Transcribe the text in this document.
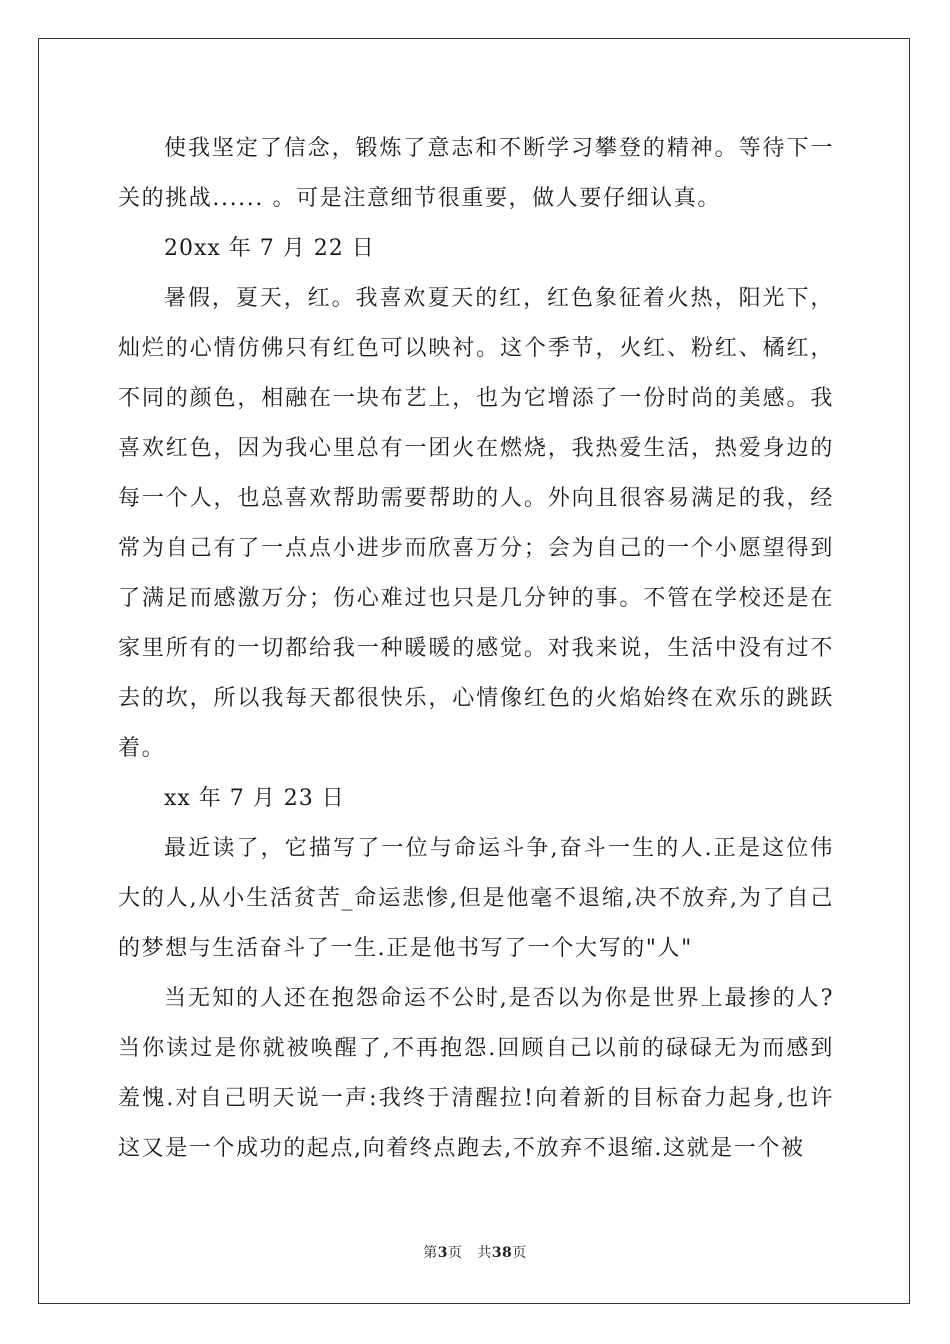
使我坚定了信念，锻炼了意志和不断学习攀登的精神。等待下一关的挑战...... 。可是注意细节很重要，做人要仔细认真。

20xx 年 7 月 22 日

暑假，夏天，红。我喜欢夏天的红，红色象征着火热，阳光下，灿烂的心情仿佛只有红色可以映衬。这个季节，火红、粉红、橘红，不同的颜色，相融在一块布艺上，也为它增添了一份时尚的美感。我喜欢红色，因为我心里总有一团火在燃烧，我热爱生活，热爱身边的每一个人，也总喜欢帮助需要帮助的人。外向且很容易满足的我，经常为自己有了一点点小进步而欣喜万分；会为自己的一个小愿望得到了满足而感激万分；伤心难过也只是几分钟的事。不管在学校还是在家里所有的一切都给我一种暖暖的感觉。对我来说，生活中没有过不去的坎，所以我每天都很快乐，心情像红色的火焰始终在欢乐的跳跃着。

xx 年 7 月 23 日

最近读了，它描写了一位与命运斗争,奋斗一生的人.正是这位伟大的人,从小生活贫苦_命运悲惨,但是他毫不退缩,决不放弃,为了自己的梦想与生活奋斗了一生.正是他书写了一个大写的"人"

当无知的人还在抱怨命运不公时,是否以为你是世界上最掺的人?当你读过是你就被唤醒了,不再抱怨.回顾自己以前的碌碌无为而感到羞愧.对自己明天说一声:我终于清醒拉!向着新的目标奋力起身,也许这又是一个成功的起点,向着终点跑去,不放弃不退缩.这就是一个被

第3页 共38页
